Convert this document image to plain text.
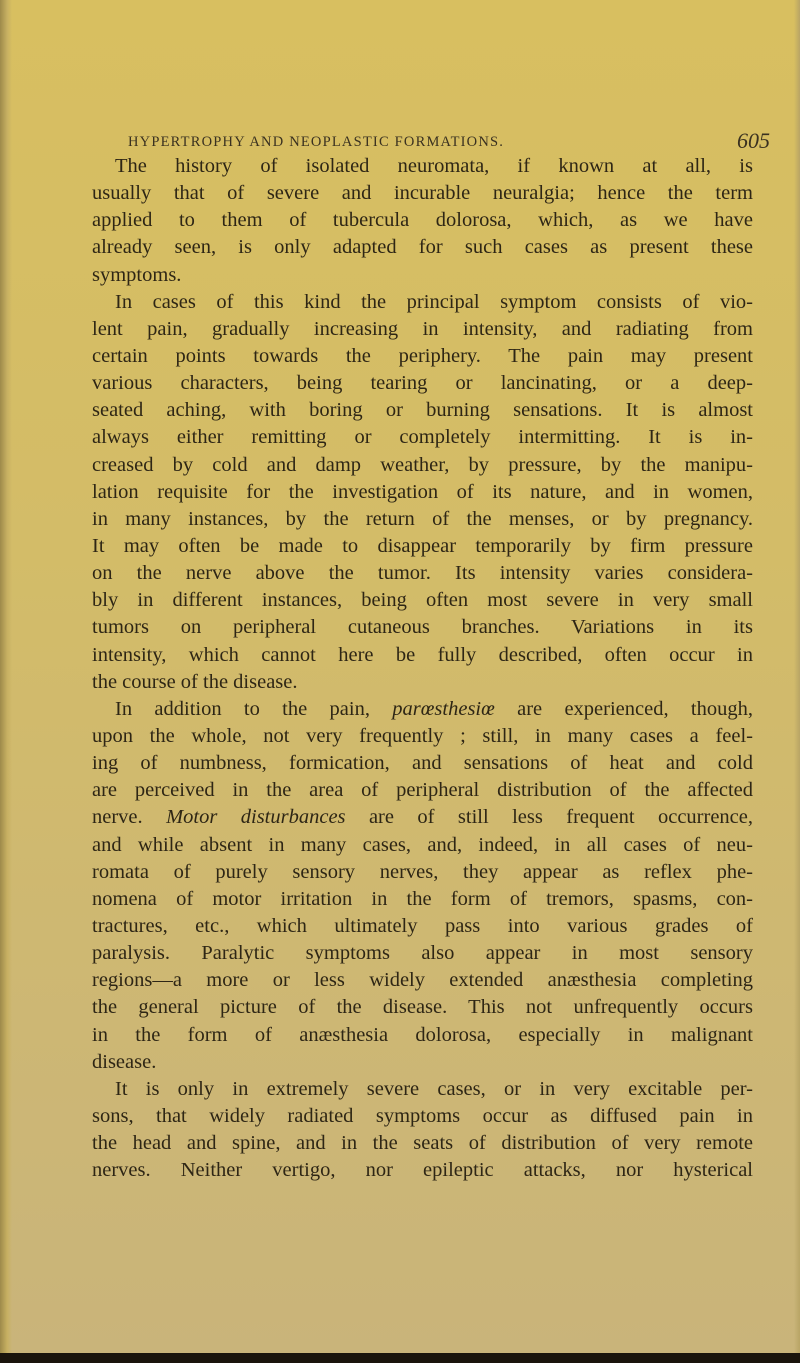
HYPERTROPHY AND NEOPLASTIC FORMATIONS.	605
The history of isolated neuromata, if known at all, is
usually that of severe and incurable neuralgia; hence the term
applied to them of tubercula dolorosa, which, as we have
already seen, is only adapted for such cases as present these
symptoms.
In cases of this kind the principal symptom consists of vio-
lent pain, gradually increasing in intensity, and radiating from
certain points towards the periphery. The pain may present
various characters, being tearing or lancinating, or a deep-
seated aching, with boring or burning sensations. It is almost
always either remitting or completely intermitting. It is in-
creased by cold and damp weather, by pressure, by the manipu-
lation requisite for the investigation of its nature, and in women,
in many instances, by the return of the menses, or by pregnancy.
It may often be made to disappear temporarily by firm pressure
on the nerve above the tumor. Its intensity varies considera-
bly in different instances, being often most severe in very small
tumors on peripheral cutaneous branches. Variations in its
intensity, which cannot here be fully described, often occur in
the course of the disease.
In addition to the pain, parœsthesiœ are experienced, though,
upon the whole, not very frequently ; still, in many cases a feel-
ing of numbness, formication, and sensations of heat and cold
are perceived in the area of peripheral distribution of the affected
nerve. Motor disturbances are of still less frequent occurrence,
and while absent in many cases, and, indeed, in all cases of neu-
romata of purely sensory nerves, they appear as reflex phe-
nomena of motor irritation in the form of tremors, spasms, con-
tractures, etc., which ultimately pass into various grades of
paralysis. Paralytic symptoms also appear in most sensory
regions—a more or less widely extended anæsthesia completing
the general picture of the disease. This not unfrequently occurs
in the form of anæsthesia dolorosa, especially in malignant
disease.
It is only in extremely severe cases, or in very excitable per-
sons, that widely radiated symptoms occur as diffused pain in
the head and spine, and in the seats of distribution of very remote
nerves. Neither vertigo, nor epileptic attacks, nor hysterical
